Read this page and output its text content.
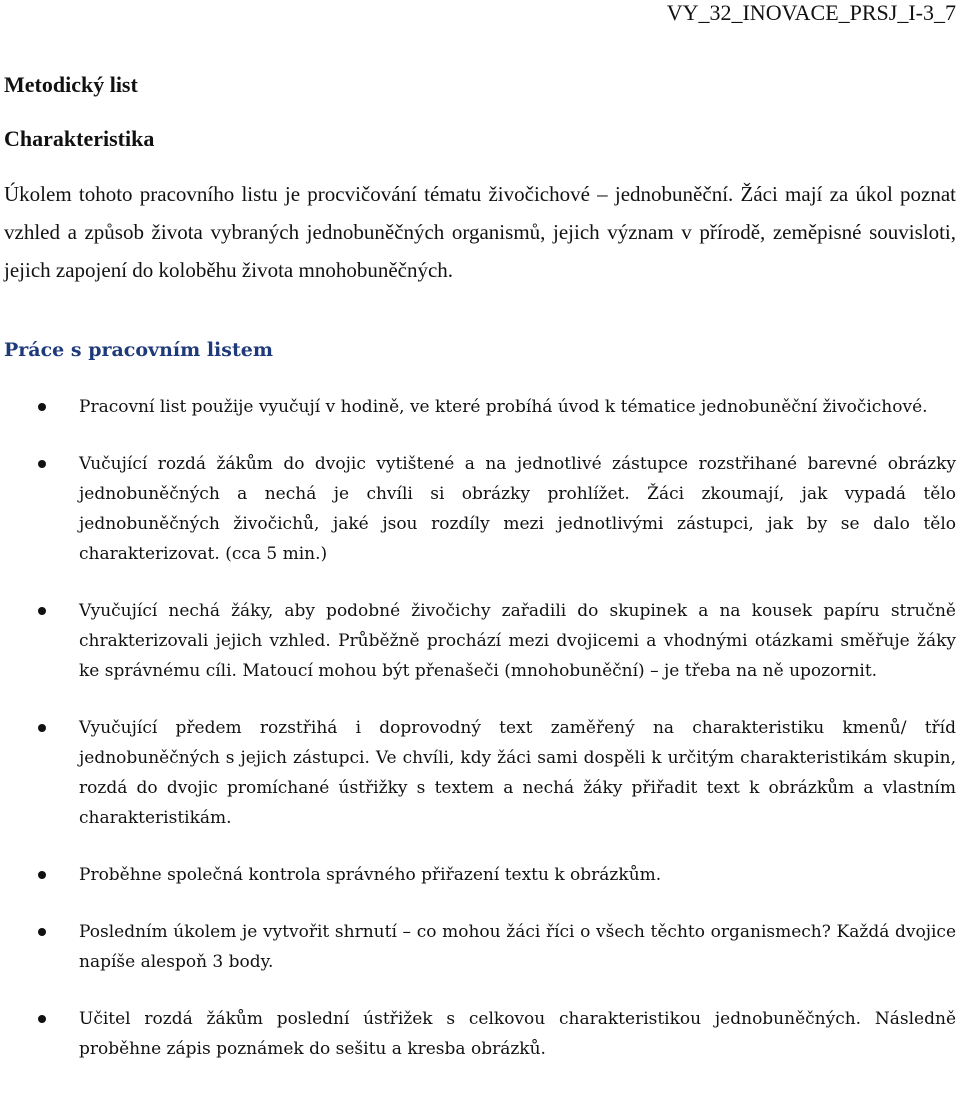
VY_32_INOVACE_PRSJ_I-3_7

Metodický list
Charakteristika

Úkolem tohoto pracovního listu je procvičování tématu živočichové – jednobuněční. Žáci mají za úkol poznat vzhled a způsob života vybraných jednobuněčných organismů, jejich význam v přírodě, zeměpisné souvisloti, jejich zapojení do koloběhu života mnohobuněčných.

Práce s pracovním listem
Pracovní list použije vyučují v hodině, ve které probíhá úvod k tématice jednobuněční živočichové.
Vučující rozdá žákům do dvojic vytištené a na jednotlivé zástupce rozstřihané barevné obrázky jednobuněčných a nechá je chvíli si obrázky prohlížet. Žáci zkoumají, jak vypadá tělo jednobuněčných živočichů, jaké jsou rozdíly mezi jednotlivými zástupci, jak by se dalo tělo charakterizovat. (cca 5 min.)
Vyučující nechá žáky, aby podobné živočichy zařadili do skupinek a na kousek papíru stručně chrakterizovali jejich vzhled. Průběžně prochází mezi dvojicemi a vhodnými otázkami směřuje žáky ke správnému cíli. Matoucí mohou být přenašeči (mnohobuněční) – je třeba na ně upozornit.
Vyučující předem rozstřihá i doprovodný text zaměřený na charakteristiku kmenů/ tříd jednobuněčných s jejich zástupci. Ve chvíli, kdy žáci sami dospěli k určitým charakteristikám skupin, rozdá do dvojic promíchané ústřižky s textem a nechá žáky přiřadit text k obrázkům a vlastním charakteristikám.
Proběhne společná kontrola správného přiřazení textu k obrázkům.
Posledním úkolem je vytvořit shrnutí – co mohou žáci říci o všech těchto organismech? Každá dvojice napíše alespoň 3 body.
Učitel rozdá žákům poslední ústřižek s celkovou charakteristikou jednobuněčných. Následně proběhne zápis poznámek do sešitu a kresba obrázků.
